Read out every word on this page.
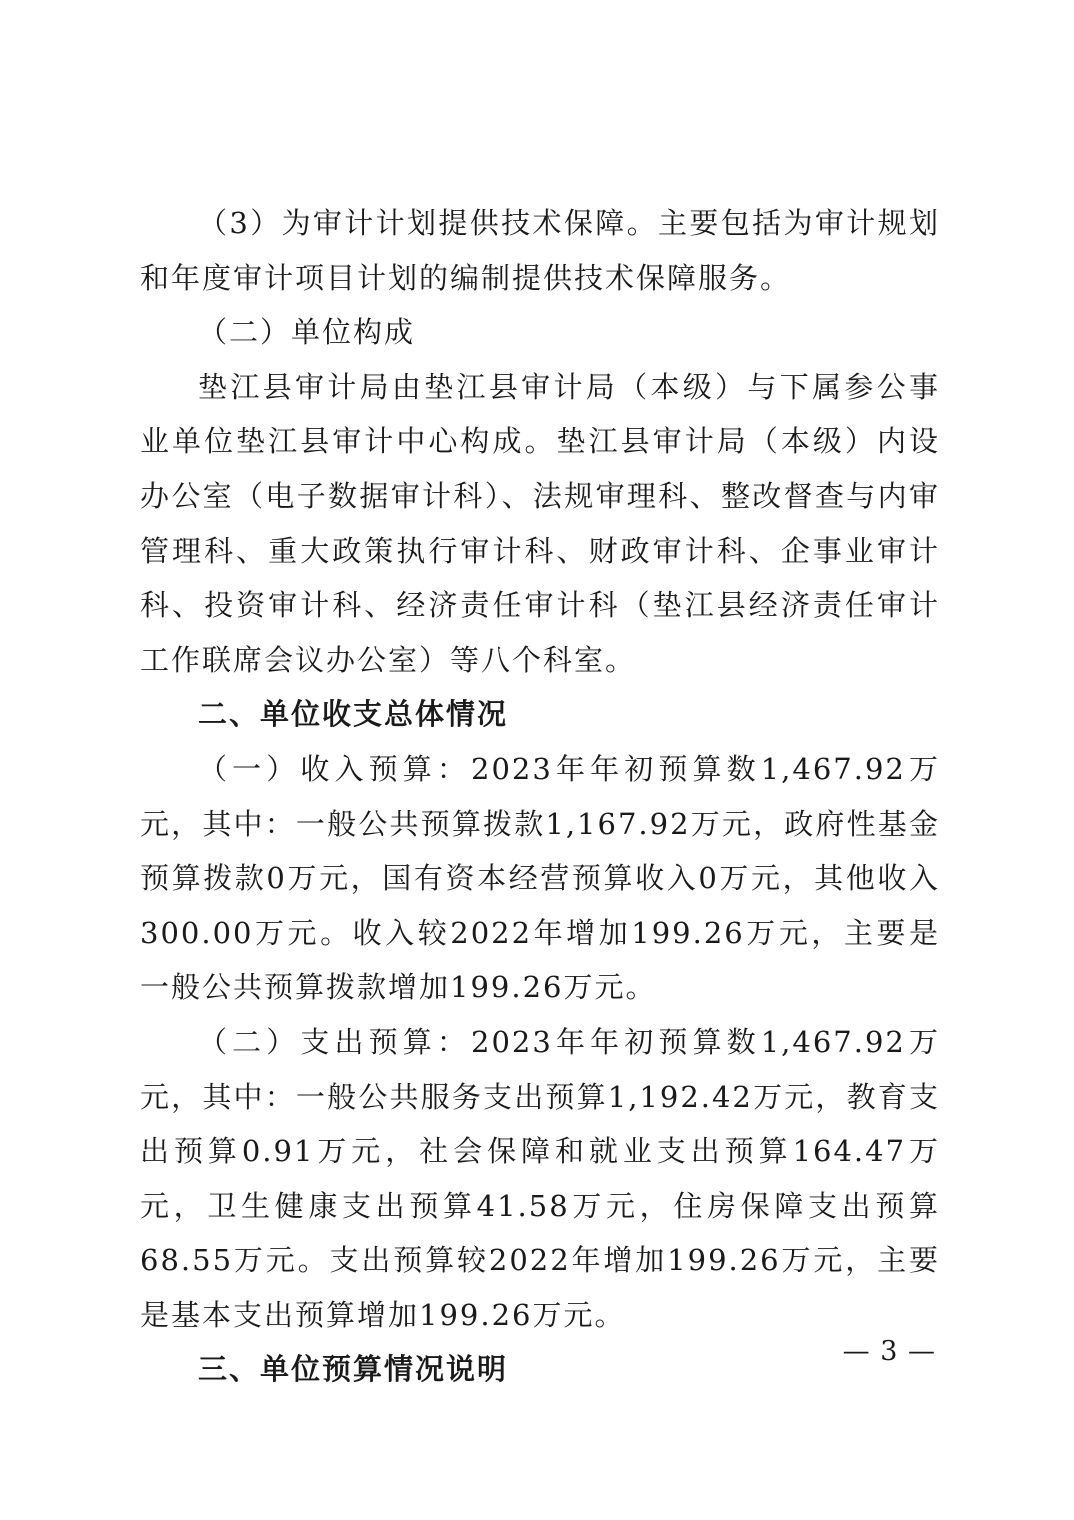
（3）为审计计划提供技术保障。主要包括为审计规划和年度审计项目计划的编制提供技术保障服务。

（二）单位构成

垫江县审计局由垫江县审计局（本级）与下属参公事业单位垫江县审计中心构成。垫江县审计局（本级）内设办公室（电子数据审计科）、法规审理科、整改督查与内审管理科、重大政策执行审计科、财政审计科、企事业审计科、投资审计科、经济责任审计科（垫江县经济责任审计工作联席会议办公室）等八个科室。

二、单位收支总体情况

（一）收入预算：2023年年初预算数1,467.92万元，其中：一般公共预算拨款1,167.92万元，政府性基金预算拨款0万元，国有资本经营预算收入0万元，其他收入300.00万元。收入较2022年增加199.26万元，主要是一般公共预算拨款增加199.26万元。

（二）支出预算：2023年年初预算数1,467.92万元，其中：一般公共服务支出预算1,192.42万元，教育支出预算0.91万元，社会保障和就业支出预算164.47万元，卫生健康支出预算41.58万元，住房保障支出预算68.55万元。支出预算较2022年增加199.26万元，主要是基本支出预算增加199.26万元。

三、单位预算情况说明

— 3 —
